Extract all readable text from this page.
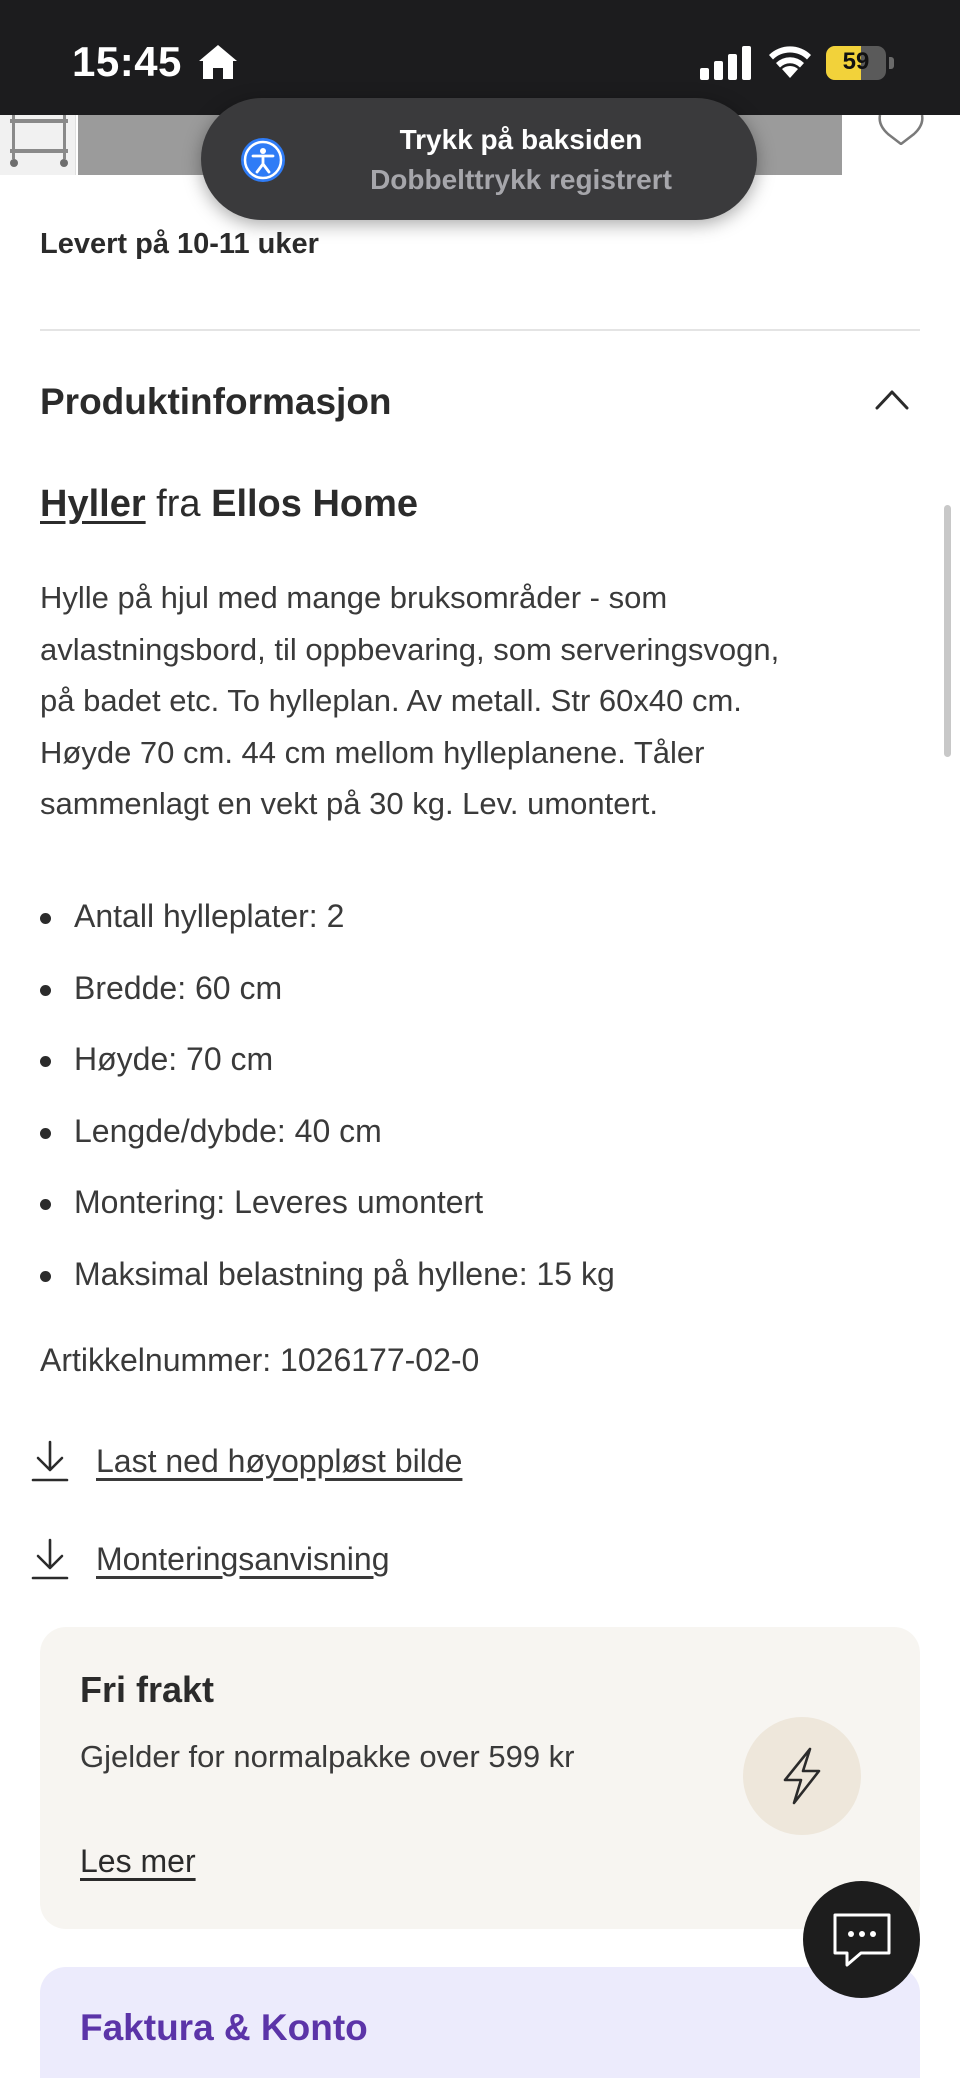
15:45	59
Trykk på baksiden
Dobbelttrykk registrert
Levert på 10-11 uker
Produktinformasjon
Hyller fra Ellos Home
Hylle på hjul med mange bruksområder - som
avlastningsbord, til oppbevaring, som serveringsvogn,
på badet etc. To hylleplan. Av metall. Str 60x40 cm.
Høyde 70 cm. 44 cm mellom hylleplanene. Tåler
sammenlagt en vekt på 30 kg. Lev. umontert.
Antall hylleplater: 2
Bredde: 60 cm
Høyde: 70 cm
Lengde/dybde: 40 cm
Montering: Leveres umontert
Maksimal belastning på hyllene: 15 kg
Artikkelnummer: 1026177-02-0
Last ned høyoppløst bilde
Monteringsanvisning
Fri frakt
Gjelder for normalpakke over 599 kr
Les mer
Faktura & Konto
